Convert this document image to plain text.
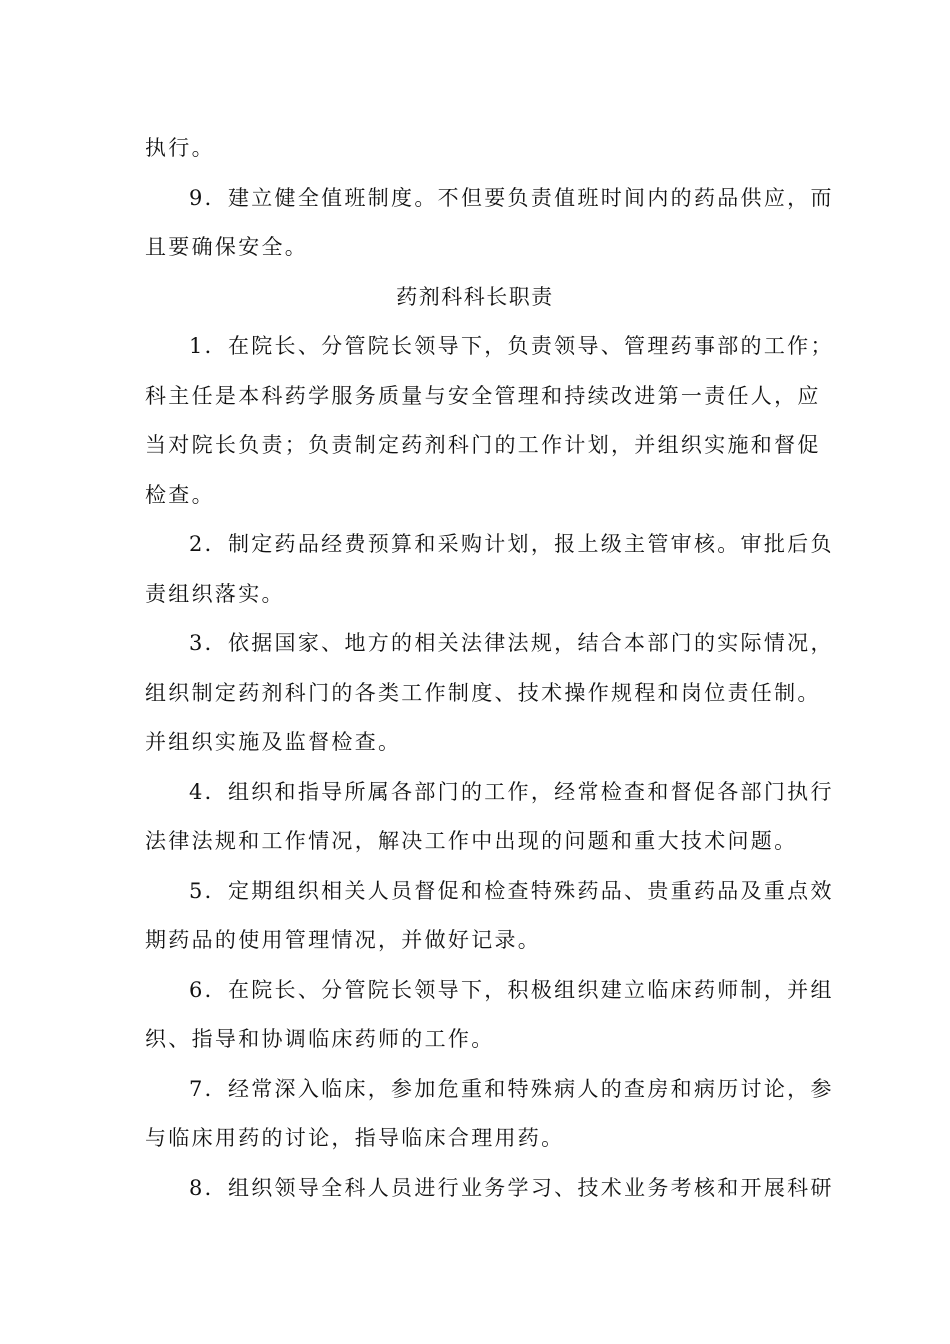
执行。

9．建立健全值班制度。不但要负责值班时间内的药品供应，而

且要确保安全。

药剂科科长职责

1．在院长、分管院长领导下，负责领导、管理药事部的工作；

科主任是本科药学服务质量与安全管理和持续改进第一责任人，应

当对院长负责；负责制定药剂科门的工作计划，并组织实施和督促

检查。

2．制定药品经费预算和采购计划，报上级主管审核。审批后负

责组织落实。

3．依据国家、地方的相关法律法规，结合本部门的实际情况，

组织制定药剂科门的各类工作制度、技术操作规程和岗位责任制。

并组织实施及监督检查。

4．组织和指导所属各部门的工作，经常检查和督促各部门执行

法律法规和工作情况，解决工作中出现的问题和重大技术问题。

5．定期组织相关人员督促和检查特殊药品、贵重药品及重点效

期药品的使用管理情况，并做好记录。

6．在院长、分管院长领导下，积极组织建立临床药师制，并组

织、指导和协调临床药师的工作。

7．经常深入临床，参加危重和特殊病人的查房和病历讨论，参

与临床用药的讨论，指导临床合理用药。

8．组织领导全科人员进行业务学习、技术业务考核和开展科研
